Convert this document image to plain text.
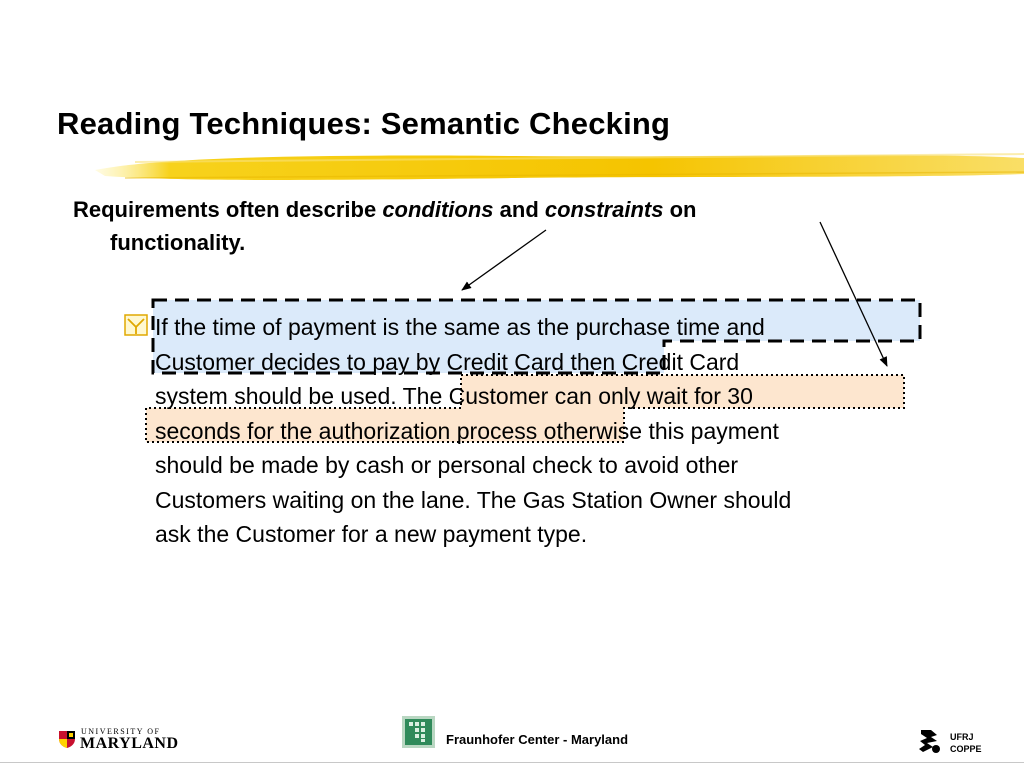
Reading Techniques: Semantic Checking

Requirements often describe conditions and constraints on
functionality.

If the time of payment is the same as the purchase time and
Customer decides to pay by Credit Card then Credit Card
system should be used. The Customer can only wait for 30
seconds for the authorization process otherwise this payment
should be made by cash or personal check to avoid other
Customers waiting on the lane. The Gas Station Owner should
ask the Customer for a new payment type.

UNIVERSITY OF
MARYLAND	Fraunhofer Center - Maryland	UFRJ
COPPE
